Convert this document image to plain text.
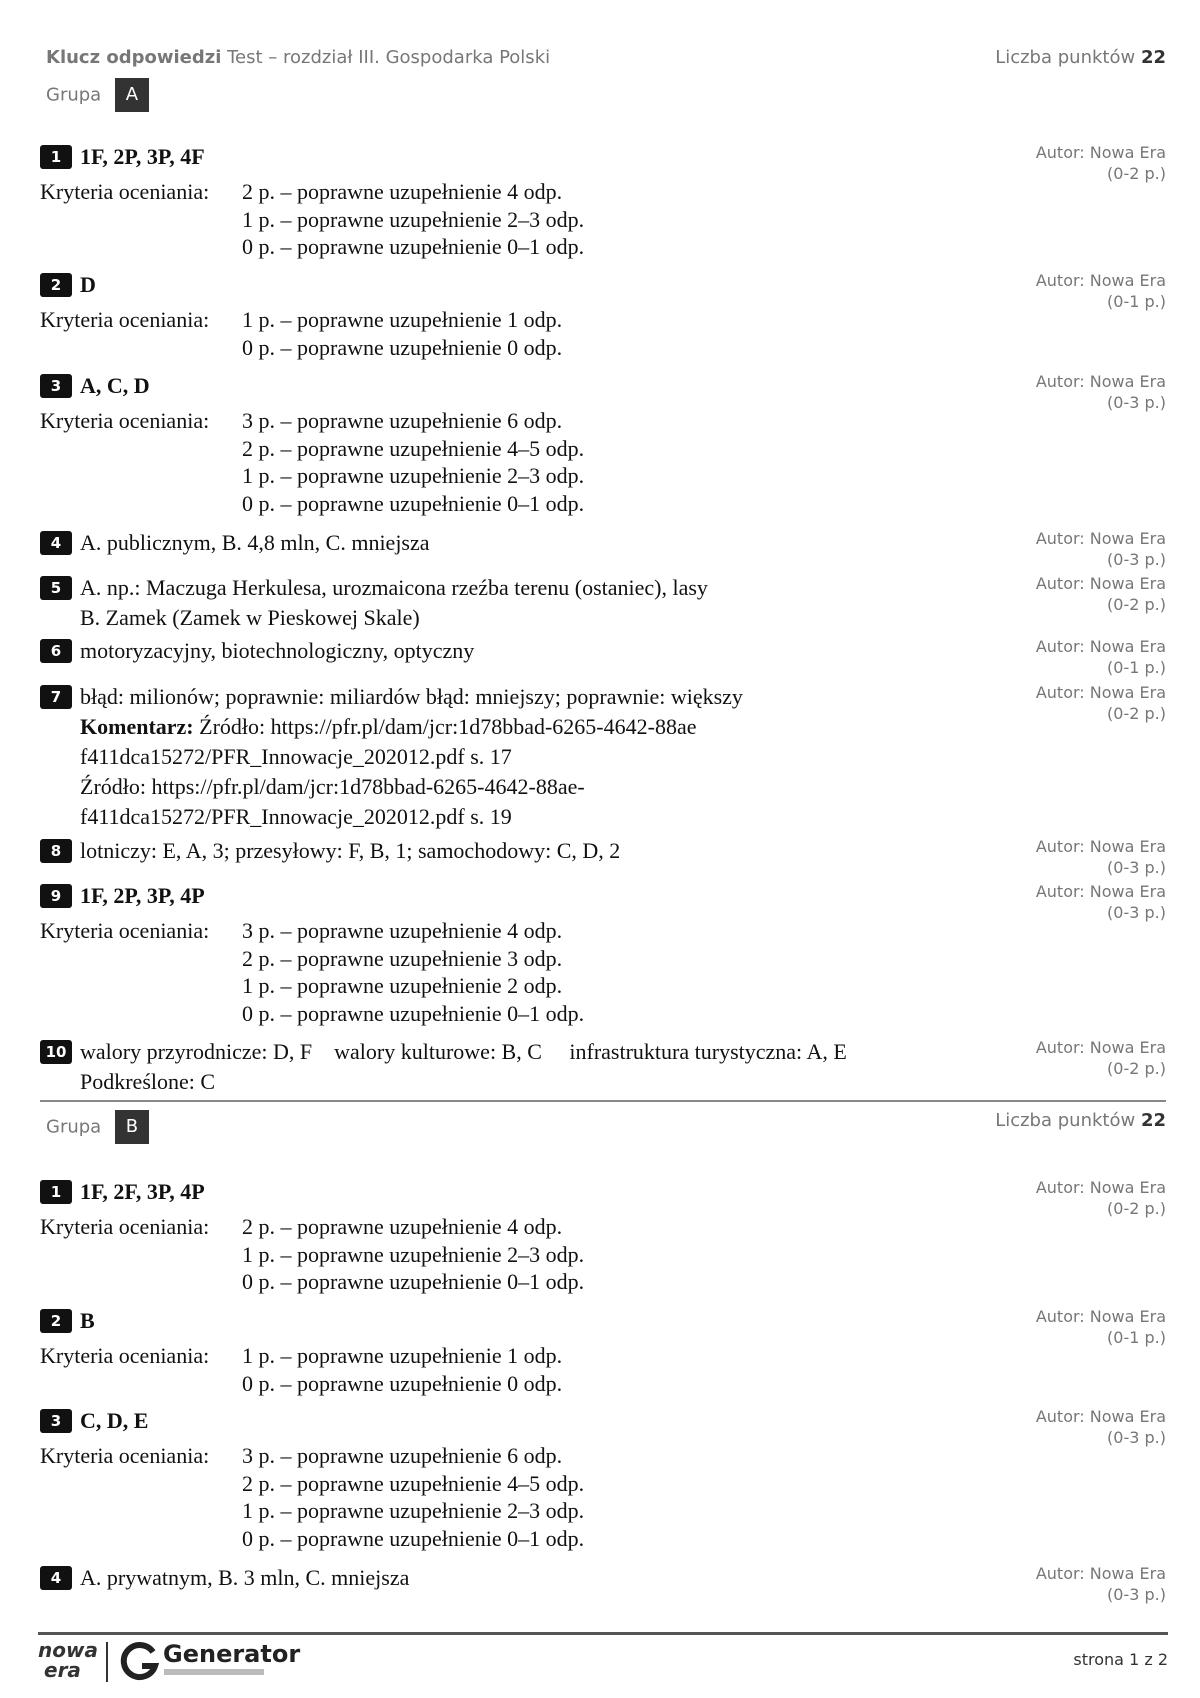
Klucz odpowiedzi Test – rozdział III. Gospodarka Polski	Liczba punktów 22
Grupa A
1 1F, 2P, 3P, 4F	Autor: Nowa Era
(0-2 p.)
Kryteria oceniania:	2 p. – poprawne uzupełnienie 4 odp.
1 p. – poprawne uzupełnienie 2–3 odp.
0 p. – poprawne uzupełnienie 0–1 odp.
2 D	Autor: Nowa Era
(0-1 p.)
Kryteria oceniania:	1 p. – poprawne uzupełnienie 1 odp.
0 p. – poprawne uzupełnienie 0 odp.
3 A, C, D	Autor: Nowa Era
(0-3 p.)
Kryteria oceniania:	3 p. – poprawne uzupełnienie 6 odp.
2 p. – poprawne uzupełnienie 4–5 odp.
1 p. – poprawne uzupełnienie 2–3 odp.
0 p. – poprawne uzupełnienie 0–1 odp.
4 A. publicznym, B. 4,8 mln, C. mniejsza	Autor: Nowa Era
(0-3 p.)
5 A. np.: Maczuga Herkulesa, urozmaicona rzeźba terenu (ostaniec), lasy
B. Zamek (Zamek w Pieskowej Skale)
Autor: Nowa Era
(0-2 p.)
6 motoryzacyjny, biotechnologiczny, optyczny	Autor: Nowa Era
(0-1 p.)
7 błąd: milionów; poprawnie: miliardów błąd: mniejszy; poprawnie: większy
Komentarz: Źródło: https://pfr.pl/dam/jcr:1d78bbad-6265-4642-88ae
f411dca15272/PFR_Innowacje_202012.pdf s. 17
Źródło: https://pfr.pl/dam/jcr:1d78bbad-6265-4642-88ae-
f411dca15272/PFR_Innowacje_202012.pdf s. 19
Autor: Nowa Era
(0-2 p.)
8 lotniczy: E, A, 3; przesyłowy: F, B, 1; samochodowy: C, D, 2	Autor: Nowa Era
(0-3 p.)
9 1F, 2P, 3P, 4P	Autor: Nowa Era
(0-3 p.)
Kryteria oceniania:	3 p. – poprawne uzupełnienie 4 odp.
2 p. – poprawne uzupełnienie 3 odp.
1 p. – poprawne uzupełnienie 2 odp.
0 p. – poprawne uzupełnienie 0–1 odp.
10 walory przyrodnicze: D, F    walory kulturowe: B, C     infrastruktura turystyczna: A, E
Podkreślone: C
Autor: Nowa Era
(0-2 p.)
Grupa B	Liczba punktów 22
1 1F, 2F, 3P, 4P	Autor: Nowa Era
(0-2 p.)
Kryteria oceniania:	2 p. – poprawne uzupełnienie 4 odp.
1 p. – poprawne uzupełnienie 2–3 odp.
0 p. – poprawne uzupełnienie 0–1 odp.
2 B	Autor: Nowa Era
(0-1 p.)
Kryteria oceniania:	1 p. – poprawne uzupełnienie 1 odp.
0 p. – poprawne uzupełnienie 0 odp.
3 C, D, E	Autor: Nowa Era
(0-3 p.)
Kryteria oceniania:	3 p. – poprawne uzupełnienie 6 odp.
2 p. – poprawne uzupełnienie 4–5 odp.
1 p. – poprawne uzupełnienie 2–3 odp.
0 p. – poprawne uzupełnienie 0–1 odp.
4 A. prywatnym, B. 3 mln, C. mniejsza	Autor: Nowa Era
(0-3 p.)
nowa
era
Generator	strona 1 z 2
